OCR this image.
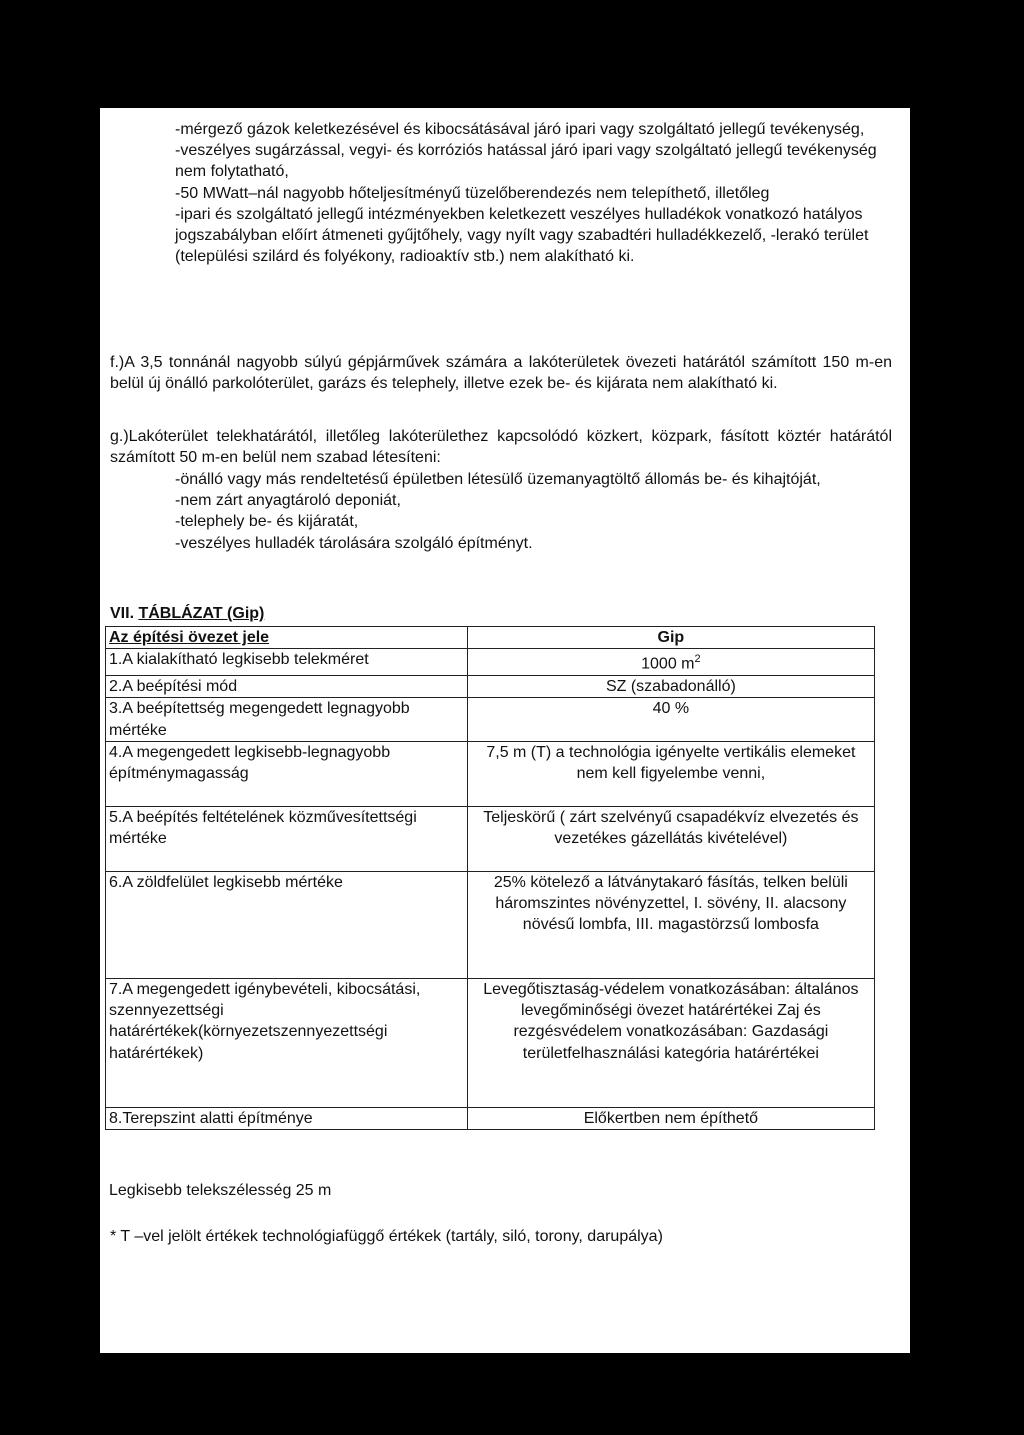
-mérgező gázok keletkezésével és kibocsátásával járó ipari vagy szolgáltató jellegű tevékenység,

-veszélyes sugárzással, vegyi- és korróziós hatással járó ipari vagy szolgáltató jellegű tevékenység nem folytatható,

-50 MWatt–nál nagyobb hőteljesítményű tüzelőberendezés nem telepíthető, illetőleg

-ipari és szolgáltató jellegű intézményekben keletkezett veszélyes hulladékok vonatkozó hatályos jogszabályban előírt átmeneti gyűjtőhely, vagy nyílt vagy szabadtéri hulladékkezelő, -lerakó terület (települési szilárd és folyékony, radioaktív stb.) nem alakítható ki.

f.)A 3,5 tonnánál nagyobb súlyú gépjárművek számára a lakóterületek övezeti határától számított 150 m-en belül új önálló parkolóterület, garázs és telephely, illetve ezek be- és kijárata nem alakítható ki.

g.)Lakóterület telekhatárától, illetőleg lakóterülethez kapcsolódó közkert, közpark, fásított köztér határától számított 50 m-en belül nem szabad létesíteni:

-önálló vagy más rendeltetésű épületben létesülő üzemanyagtöltő állomás be- és kihajtóját,

-nem zárt anyagtároló deponiát,

-telephely be- és kijáratát,

-veszélyes hulladék tárolására szolgáló építményt.

VII. TÁBLÁZAT (Gip)
Az építési övezet jele	Gip
1.A kialakítható legkisebb telekméret	1000 $m^2$
2.A beépítési mód	SZ (szabadonálló)
3.A beépítettség megengedett legnagyobb mértéke	40 %
4.A megengedett legkisebb-legnagyobb építménymagasság	7,5 m (T) a technológia igényelte vertikális elemeket nem kell figyelembe venni,
5.A beépítés feltételének közművesítettségi mértéke	Teljeskörű ( zárt szelvényű csapadékvíz elvezetés és vezetékes gázellátás kivételével)
6.A zöldfelület legkisebb mértéke	25% kötelező a látványtakaró fásítás, telken belüli háromszintes növényzettel, I. sövény, II. alacsony növésű lombfa, III. magastörzsű lombosfa
7.A megengedett igénybevételi, kibocsátási, szennyezettségi határértékek(környezetszennyezettségi határértékek)	Levegőtisztaság-védelem vonatkozásában: általános levegőminőségi övezet határértékei Zaj és rezgésvédelem vonatkozásában: Gazdasági területfelhasználási kategória határértékei
8.Terepszint alatti építménye	Előkertben nem építhető
Legkisebb telekszélesség 25 m
* T –vel jelölt értékek technológiafüggő értékek (tartály, siló, torony, darupálya)
